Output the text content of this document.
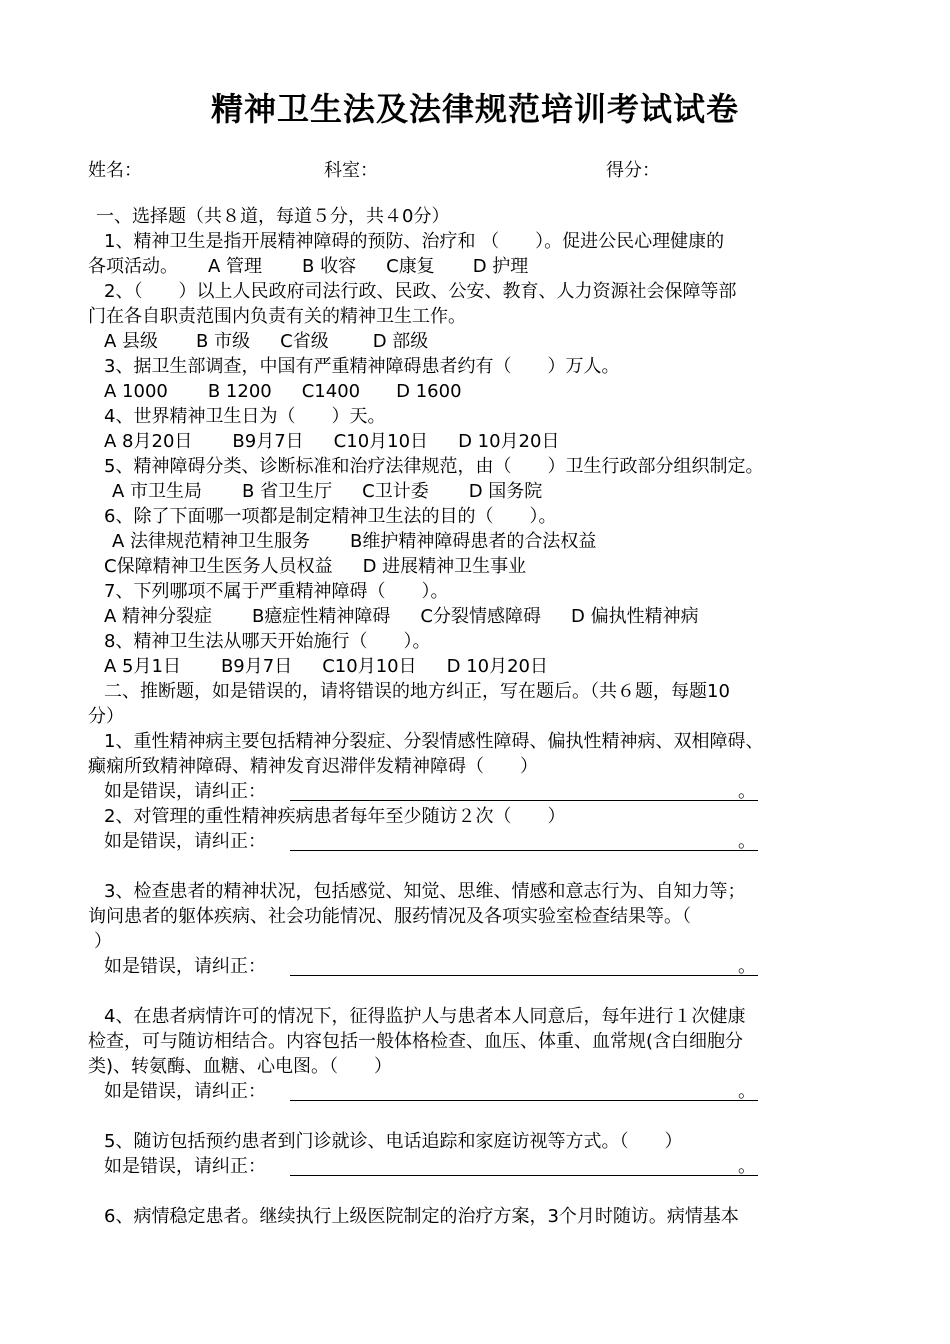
精神卫生法及法律规范培训考试试卷
姓名：	科室：	得分：
一、选择题（共８道，每道５分，共４0分）
1、精神卫生是指开展精神障碍的预防、治疗和 （　　）。促进公民心理健康的
各项活动。 A 管理 B 收容 C康复 D 护理
2、（　　）以上人民政府司法行政、民政、公安、教育、人力资源社会保障等部
门在各自职责范围内负责有关的精神卫生工作。
A 县级 B 市级 C省级 D 部级
3、据卫生部调查，中国有严重精神障碍患者约有（　　）万人。
A 1000 B 1200 C1400 D 1600
4、世界精神卫生日为（　　）天。
A 8月20日 B9月7日 C10月10日 D 10月20日
5、精神障碍分类、诊断标准和治疗法律规范，由（　　）卫生行政部分组织制定。
A 市卫生局 B 省卫生厅 C卫计委 D 国务院
6、除了下面哪一项都是制定精神卫生法的目的（　　）。
A 法律规范精神卫生服务 B维护精神障碍患者的合法权益
C保障精神卫生医务人员权益 D 进展精神卫生事业
7、下列哪项不属于严重精神障碍（　　）。
A 精神分裂症 B癔症性精神障碍 C分裂情感障碍 D 偏执性精神病
8、精神卫生法从哪天开始施行（　　）。
A 5月1日 B9月7日 C10月10日 D 10月20日
二、推断题，如是错误的，请将错误的地方纠正，写在题后。（共６题，每题10
分）
1、重性精神病主要包括精神分裂症、分裂情感性障碍、偏执性精神病、双相障碍、
癫痫所致精神障碍、精神发育迟滞伴发精神障碍（　　）
如是错误，请纠正：	。
2、对管理的重性精神疾病患者每年至少随访２次（　　）
如是错误，请纠正：	。
3、检查患者的精神状况，包括感觉、知觉、思维、情感和意志行为、自知力等；
询问患者的躯体疾病、社会功能情况、服药情况及各项实验室检查结果等。（
）
如是错误，请纠正：	。
4、在患者病情许可的情况下，征得监护人与患者本人同意后，每年进行１次健康
检查，可与随访相结合。内容包括一般体格检查、血压、体重、血常规(含白细胞分
类)、转氨酶、血糖、心电图。（　　）
如是错误，请纠正：	。
5、随访包括预约患者到门诊就诊、电话追踪和家庭访视等方式。（　　）
如是错误，请纠正：	。
6、病情稳定患者。继续执行上级医院制定的治疗方案，3个月时随访。病情基本
